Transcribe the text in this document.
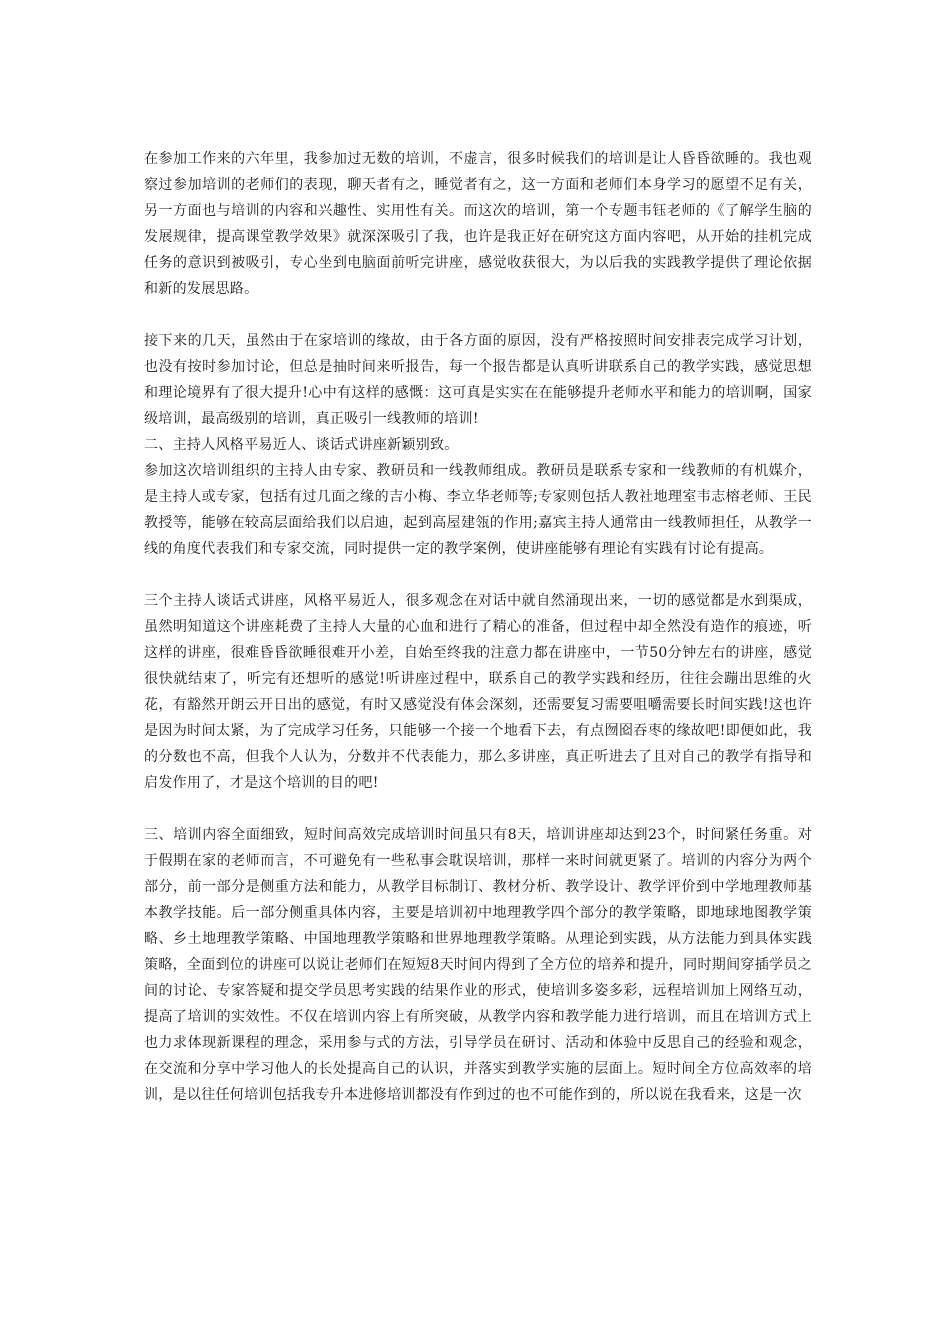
在参加工作来的六年里，我参加过无数的培训，不虚言，很多时候我们的培训是让人昏昏欲睡的。我也观察过参加培训的老师们的表现，聊天者有之，睡觉者有之，这一方面和老师们本身学习的愿望不足有关，另一方面也与培训的内容和兴趣性、实用性有关。而这次的培训，第一个专题韦钰老师的《了解学生脑的发展规律，提高课堂教学效果》就深深吸引了我，也许是我正好在研究这方面内容吧，从开始的挂机完成任务的意识到被吸引，专心坐到电脑面前听完讲座，感觉收获很大，为以后我的实践教学提供了理论依据和新的发展思路。

接下来的几天，虽然由于在家培训的缘故，由于各方面的原因，没有严格按照时间安排表完成学习计划，也没有按时参加讨论，但总是抽时间来听报告，每一个报告都是认真听讲联系自己的教学实践，感觉思想和理论境界有了很大提升!心中有这样的感慨：这可真是实实在在能够提升老师水平和能力的培训啊，国家级培训，最高级别的培训，真正吸引一线教师的培训!

二、主持人风格平易近人、谈话式讲座新颖别致。

参加这次培训组织的主持人由专家、教研员和一线教师组成。教研员是联系专家和一线教师的有机媒介，是主持人或专家，包括有过几面之缘的吉小梅、李立华老师等;专家则包括人教社地理室韦志榕老师、王民教授等，能够在较高层面给我们以启迪，起到高屋建瓴的作用;嘉宾主持人通常由一线教师担任，从教学一线的角度代表我们和专家交流，同时提供一定的教学案例，使讲座能够有理论有实践有讨论有提高。

三个主持人谈话式讲座，风格平易近人，很多观念在对话中就自然涌现出来，一切的感觉都是水到渠成，虽然明知道这个讲座耗费了主持人大量的心血和进行了精心的准备，但过程中却全然没有造作的痕迹，听这样的讲座，很难昏昏欲睡很难开小差，自始至终我的注意力都在讲座中，一节50分钟左右的讲座，感觉很快就结束了，听完有还想听的感觉!听讲座过程中，联系自己的教学实践和经历，往往会蹦出思维的火花，有豁然开朗云开日出的感觉，有时又感觉没有体会深刻，还需要复习需要咀嚼需要长时间实践!这也许是因为时间太紧，为了完成学习任务，只能够一个接一个地看下去，有点囫囵吞枣的缘故吧!即便如此，我的分数也不高，但我个人认为，分数并不代表能力，那么多讲座，真正听进去了且对自己的教学有指导和启发作用了，才是这个培训的目的吧!

三、培训内容全面细致，短时间高效完成培训时间虽只有8天，培训讲座却达到23个，时间紧任务重。对于假期在家的老师而言，不可避免有一些私事会耽误培训，那样一来时间就更紧了。培训的内容分为两个部分，前一部分是侧重方法和能力，从教学目标制订、教材分析、教学设计、教学评价到中学地理教师基本教学技能。后一部分侧重具体内容，主要是培训初中地理教学四个部分的教学策略，即地球地图教学策略、乡土地理教学策略、中国地理教学策略和世界地理教学策略。从理论到实践，从方法能力到具体实践策略，全面到位的讲座可以说让老师们在短短8天时间内得到了全方位的培养和提升，同时期间穿插学员之间的讨论、专家答疑和提交学员思考实践的结果作业的形式，使培训多姿多彩，远程培训加上网络互动，提高了培训的实效性。不仅在培训内容上有所突破，从教学内容和教学能力进行培训，而且在培训方式上也力求体现新课程的理念，采用参与式的方法，引导学员在研讨、活动和体验中反思自己的经验和观念，在交流和分享中学习他人的长处提高自己的认识，并落实到教学实施的层面上。短时间全方位高效率的培训，是以往任何培训包括我专升本进修培训都没有作到过的也不可能作到的，所以说在我看来，这是一次
